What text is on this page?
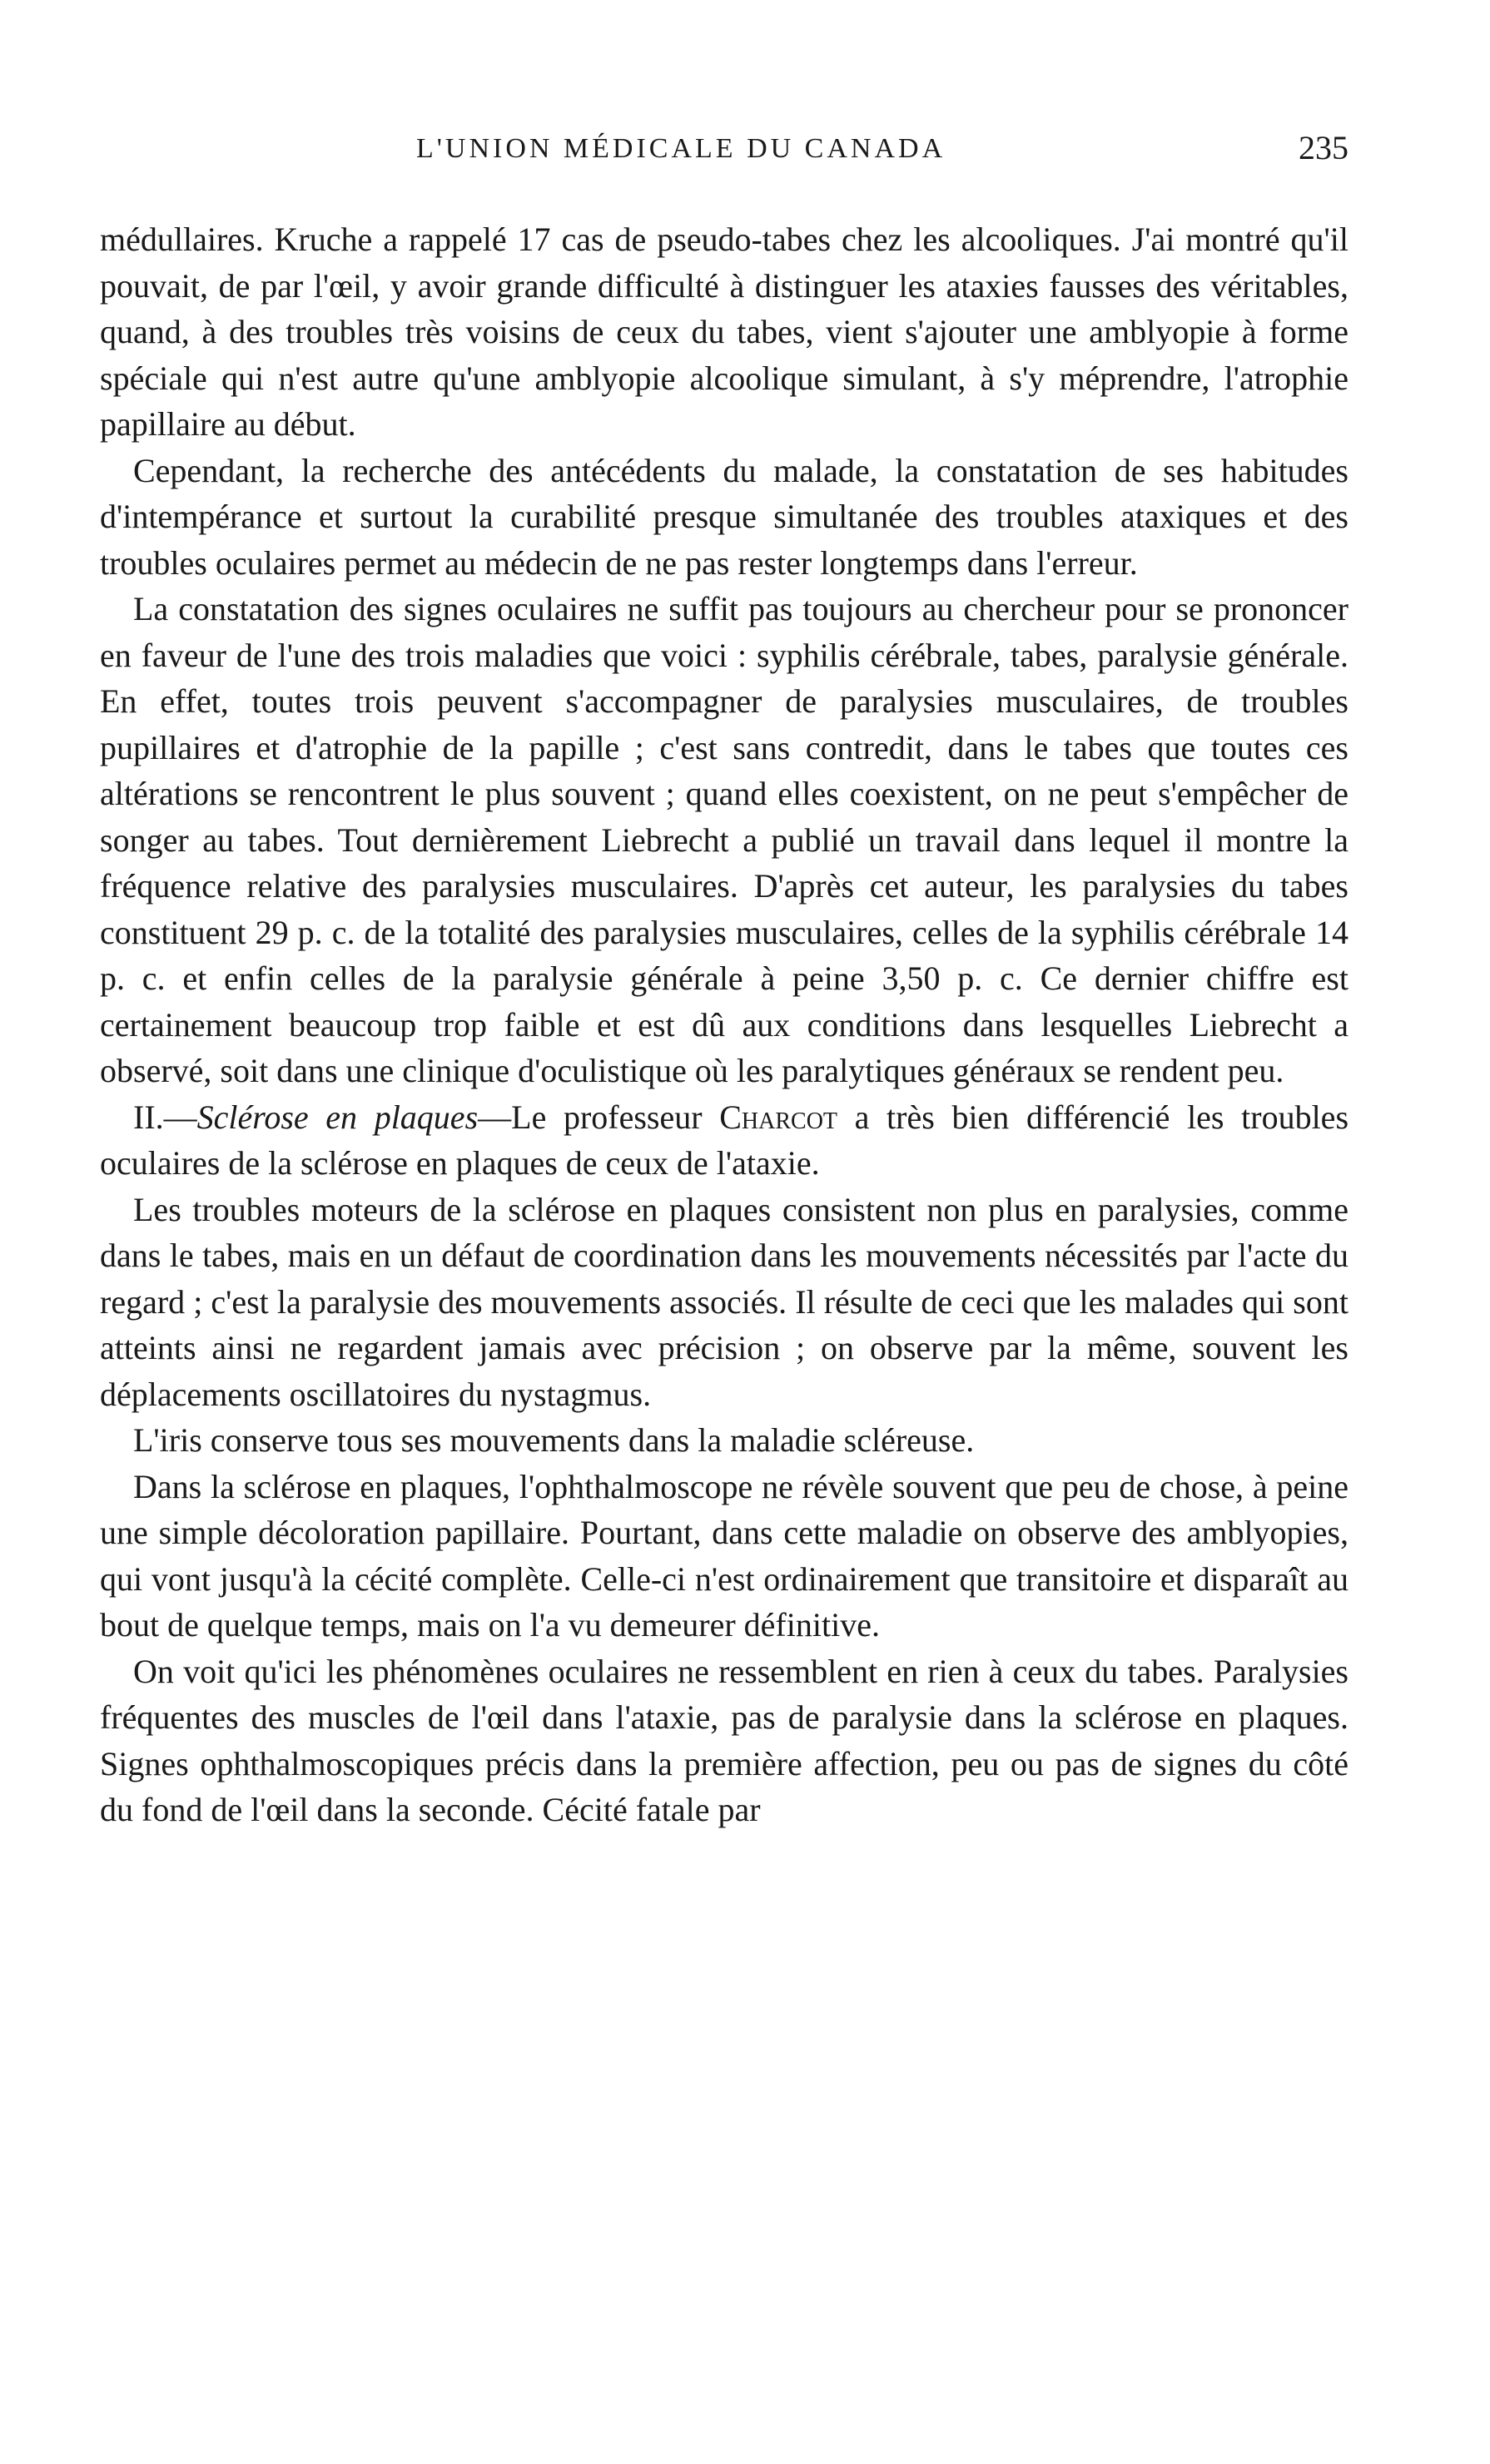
L'UNION MÉDICALE DU CANADA	235

médullaires. Kruche a rappelé 17 cas de pseudo-tabes chez les alcooliques. J'ai montré qu'il pouvait, de par l'œil, y avoir grande difficulté à distinguer les ataxies fausses des véritables, quand, à des troubles très voisins de ceux du tabes, vient s'ajouter une amblyopie à forme spéciale qui n'est autre qu'une amblyopie alcoolique simulant, à s'y méprendre, l'atrophie papillaire au début.

Cependant, la recherche des antécédents du malade, la constatation de ses habitudes d'intempérance et surtout la curabilité presque simultanée des troubles ataxiques et des troubles oculaires permet au médecin de ne pas rester longtemps dans l'erreur.

La constatation des signes oculaires ne suffit pas toujours au chercheur pour se prononcer en faveur de l'une des trois maladies que voici : syphilis cérébrale, tabes, paralysie générale. En effet, toutes trois peuvent s'accompagner de paralysies musculaires, de troubles pupillaires et d'atrophie de la papille ; c'est sans contredit, dans le tabes que toutes ces altérations se rencontrent le plus souvent ; quand elles coexistent, on ne peut s'empêcher de songer au tabes. Tout dernièrement Liebrecht a publié un travail dans lequel il montre la fréquence relative des paralysies musculaires. D'après cet auteur, les paralysies du tabes constituent 29 p. c. de la totalité des paralysies musculaires, celles de la syphilis cérébrale 14 p. c. et enfin celles de la paralysie générale à peine 3,50 p. c. Ce dernier chiffre est certainement beaucoup trop faible et est dû aux conditions dans lesquelles Liebrecht a observé, soit dans une clinique d'oculistique où les paralytiques généraux se rendent peu.

II.—Sclérose en plaques—Le professeur Charcot a très bien différencié les troubles oculaires de la sclérose en plaques de ceux de l'ataxie.

Les troubles moteurs de la sclérose en plaques consistent non plus en paralysies, comme dans le tabes, mais en un défaut de coordination dans les mouvements nécessités par l'acte du regard ; c'est la paralysie des mouvements associés. Il résulte de ceci que les malades qui sont atteints ainsi ne regardent jamais avec précision ; on observe par la même, souvent les déplacements oscillatoires du nystagmus.

L'iris conserve tous ses mouvements dans la maladie scléreuse.

Dans la sclérose en plaques, l'ophthalmoscope ne révèle souvent que peu de chose, à peine une simple décoloration papillaire. Pourtant, dans cette maladie on observe des amblyopies, qui vont jusqu'à la cécité complète. Celle-ci n'est ordinairement que transitoire et disparaît au bout de quelque temps, mais on l'a vu demeurer définitive.

On voit qu'ici les phénomènes oculaires ne ressemblent en rien à ceux du tabes. Paralysies fréquentes des muscles de l'œil dans l'ataxie, pas de paralysie dans la sclérose en plaques. Signes ophthalmoscopiques précis dans la première affection, peu ou pas de signes du côté du fond de l'œil dans la seconde. Cécité fatale par
